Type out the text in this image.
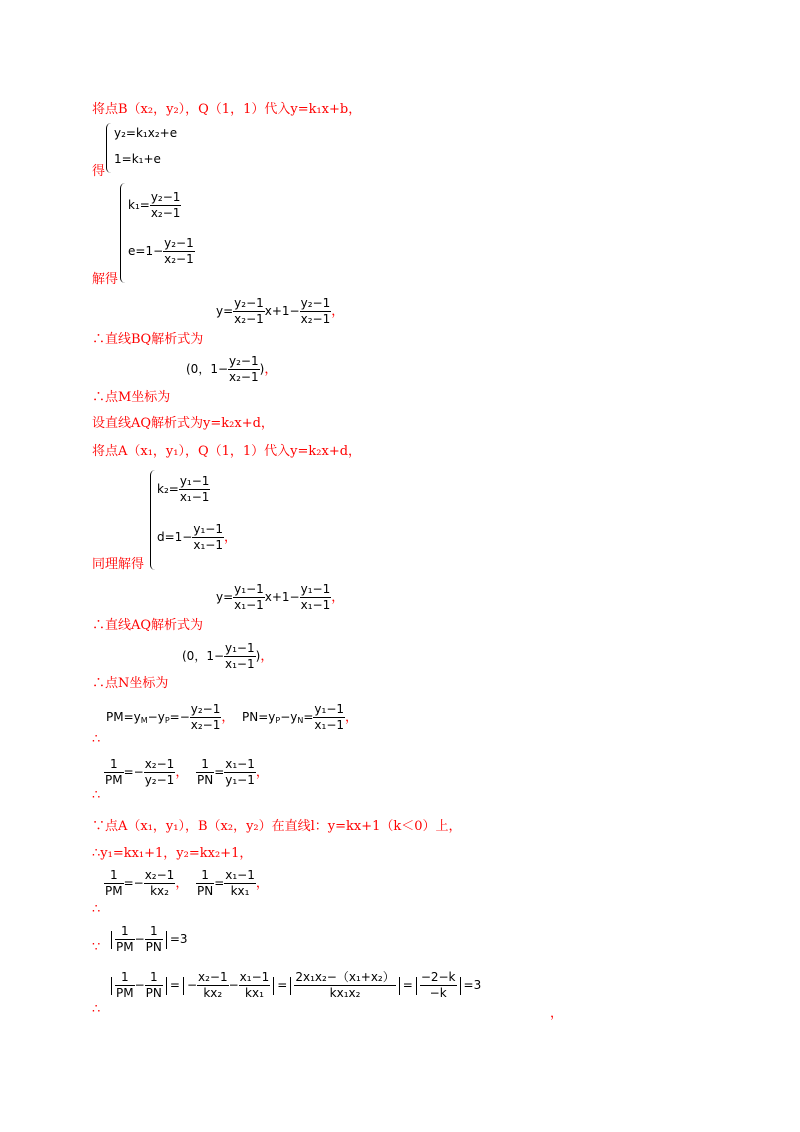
将点B（x₂，y₂），Q（1，1）代入y=k₁x+b，
得
y₂=k₁x₂+e
1=k₁+e
解得
$k_1= \frac{\text{y₂−1}}{\text{x₂−1}}$
$e=1- \frac{\text{y₂−1}}{\text{x₂−1}}$
∴直线BQ解析式为
$y= \frac{\text{y₂−1}}{\text{x₂−1}} x+1- \frac{\text{y₂−1}}{\text{x₂−1}}$ ，
∴点M坐标为
(0，$1- \frac{\text{y₂−1}}{\text{x₂−1}}$ )，
设直线AQ解析式为y=k₂x+d，
将点A（x₁，y₁），Q（1，1）代入y=k₂x+d，
同理解得
$k_2= \frac{\text{y₁−1}}{\text{x₁−1}}$
$d=1- \frac{\text{y₁−1}}{\text{x₁−1}}$ ，
∴直线AQ解析式为
$y= \frac{\text{y₁−1}}{\text{x₁−1}} x+1- \frac{\text{y₁−1}}{\text{x₁−1}}$ ，
∴点N坐标为
(0，$1- \frac{\text{y₁−1}}{\text{x₁−1}}$ )，
∴
$PM=y_M-y_P=- \frac{\text{y₂−1}}{\text{x₂−1}}$ ， $PN=y_P-y_N= \frac{\text{y₁−1}}{\text{x₁−1}}$ ，
∴
$\frac{1}{PM} =- \frac{\text{x₂−1}}{\text{y₂−1}}$ ， $\frac{1}{PN} = \frac{\text{x₁−1}}{\text{y₁−1}}$ ，
∵点A（x₁，y₁），B（x₂，y₂）在直线l：y=kx+1（k＜0）上，
∴y₁=kx₁+1，y₂=kx₂+1，
∴
$\frac{1}{PM} =- \frac{\text{x₂−1}}{\text{kx₂}}$ ， $\frac{1}{PN} = \frac{\text{x₁−1}}{\text{kx₁}}$ ，
∵ $\frac{1}{PM} - \frac{1}{PN} =3$
∴
$\frac{1}{PM} - \frac{1}{PN}$ = − $\frac{\text{x₂−1}}{\text{kx₂}} - \frac{\text{x₁−1}}{\text{kx₁}} = \frac{\text{2x₁x₂−（x₁+x₂）}}{\text{kx₁x₂}} = \frac{-2-k}{-k} =3$
，
